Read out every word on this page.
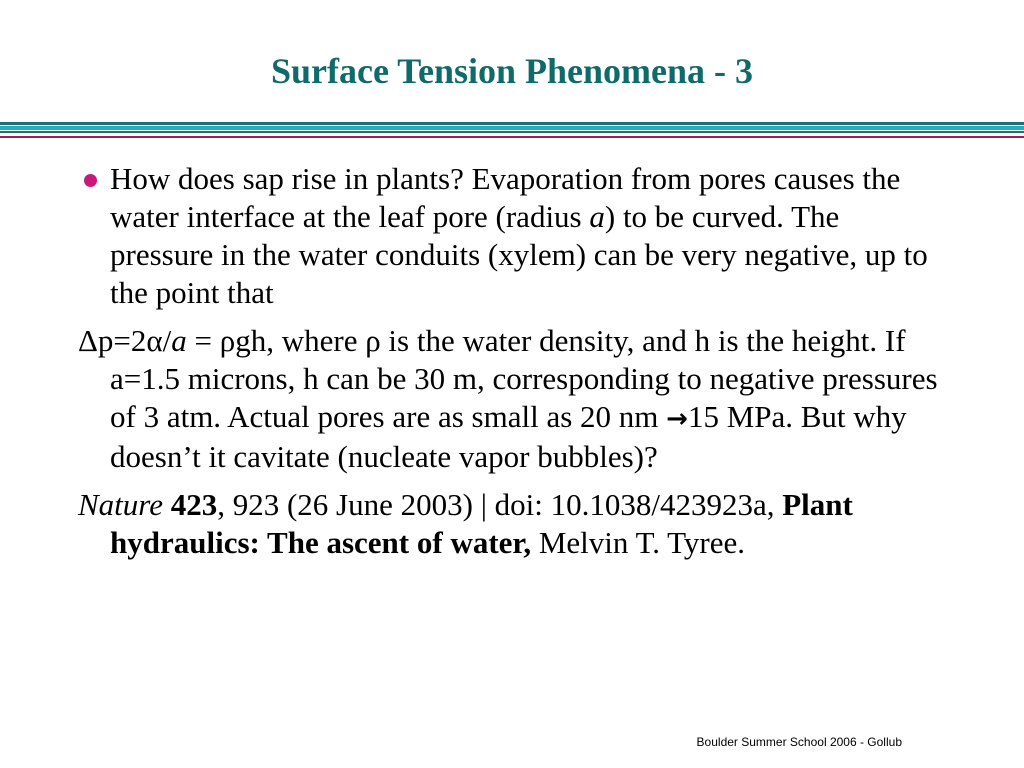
Surface Tension Phenomena - 3

How does sap rise in plants? Evaporation from pores causes the water interface at the leaf pore (radius a) to be curved. The pressure in the water conduits (xylem) can be very negative, up to the point that

Δp=2α/a = ρgh, where ρ is the water density, and h is the height. If a=1.5 microns, h can be 30 m, corresponding to negative pressures of 3 atm. Actual pores are as small as 20 nm →15 MPa. But why doesn’t it cavitate (nucleate vapor bubbles)?

Nature 423, 923 (26 June 2003) | doi: 10.1038/423923a, Plant hydraulics: The ascent of water, Melvin T. Tyree.

Boulder Summer School 2006 - Gollub
